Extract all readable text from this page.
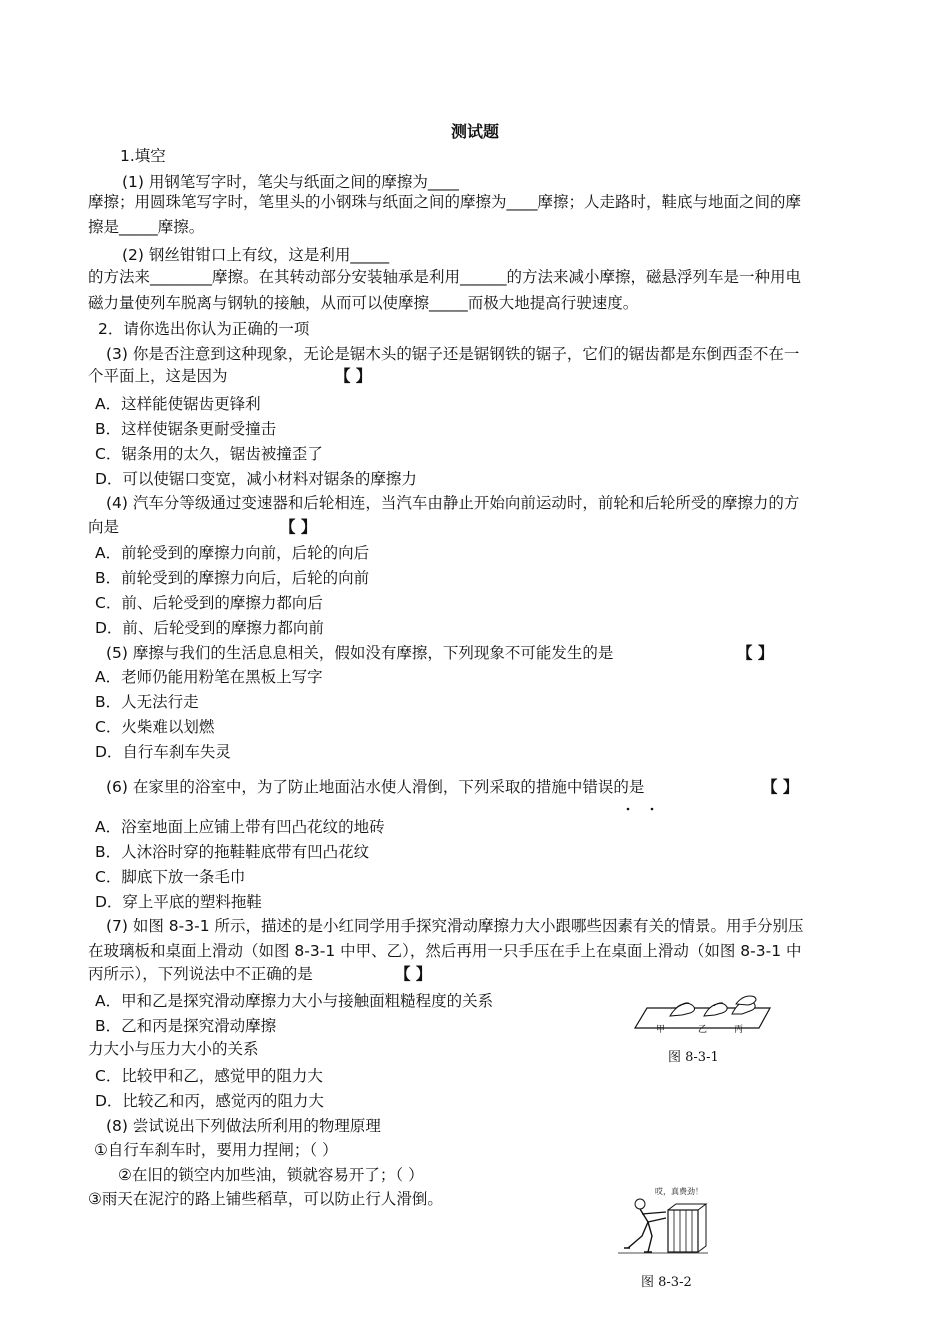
测试题
1.填空
(1) 用钢笔写字时，笔尖与纸面之间的摩擦为____
摩擦；用圆珠笔写字时，笔里头的小钢珠与纸面之间的摩擦为____摩擦；人走路时，鞋底与地面之间的摩
擦是_____摩擦。
(2) 钢丝钳钳口上有纹，这是利用_____
的方法来________摩擦。在其转动部分安装轴承是利用______的方法来减小摩擦，磁悬浮列车是一种用电
磁力量使列车脱离与钢轨的接触，从而可以使摩擦_____而极大地提高行驶速度。
2．请你选出你认为正确的一项
(3) 你是否注意到这种现象，无论是锯木头的锯子还是锯钢铁的锯子，它们的锯齿都是东倒西歪不在一
个平面上，这是因为	【 】
A．这样能使锯齿更锋利
B．这样使锯条更耐受撞击
C．锯条用的太久，锯齿被撞歪了
D．可以使锯口变宽，减小材料对锯条的摩擦力
(4) 汽车分等级通过变速器和后轮相连，当汽车由静止开始向前运动时，前轮和后轮所受的摩擦力的方
向是	【 】
A．前轮受到的摩擦力向前，后轮的向后
B．前轮受到的摩擦力向后，后轮的向前
C．前、后轮受到的摩擦力都向后
D．前、后轮受到的摩擦力都向前
(5) 摩擦与我们的生活息息相关，假如没有摩擦，下列现象不可能发生的是	【 】
A．老师仍能用粉笔在黑板上写字
B．人无法行走
C．火柴难以划燃
D．自行车刹车失灵
(6) 在家里的浴室中，为了防止地面沾水使人滑倒，下列采取的措施中错误的是	【 】
A．浴室地面上应铺上带有凹凸花纹的地砖
B．人沐浴时穿的拖鞋鞋底带有凹凸花纹
C．脚底下放一条毛巾
D．穿上平底的塑料拖鞋
(7) 如图 8-3-1 所示，描述的是小红同学用手探究滑动摩擦力大小跟哪些因素有关的情景。用手分别压
在玻璃板和桌面上滑动（如图 8-3-1 中甲、乙），然后再用一只手压在手上在桌面上滑动（如图 8-3-1 中
丙所示），下列说法中不正确的是	【 】
A．甲和乙是探究滑动摩擦力大小与接触面粗糙程度的关系
B．乙和丙是探究滑动摩擦
力大小与压力大小的关系
C．比较甲和乙，感觉甲的阻力大
D．比较乙和丙，感觉丙的阻力大
(8) 尝试说出下列做法所利用的物理原理
①自行车刹车时，要用力捏闸；（ ）
②在旧的锁空内加些油，锁就容易开了；（ ）
③雨天在泥泞的路上铺些稻草，可以防止行人滑倒。
甲	乙	丙
图 8-3-1
哎，真费劲！
图 8-3-2
